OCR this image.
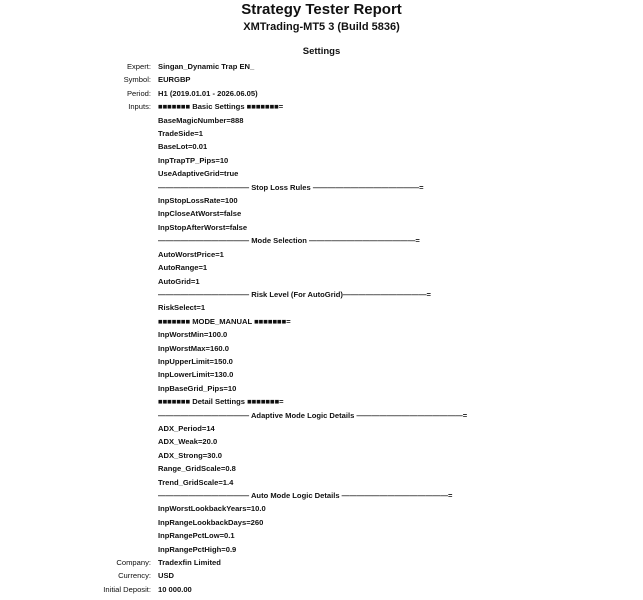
Strategy Tester Report
XMTrading-MT5 3 (Build 5836)
Settings
Expert: Singan_Dynamic Trap EN_
Symbol: EURGBP
Period: H1 (2019.01.01 - 2026.06.05)
Inputs: ■■■■■■■ Basic Settings ■■■■■■■=
BaseMagicNumber=888
TradeSide=1
BaseLot=0.01
InpTrapTP_Pips=10
UseAdaptiveGrid=true
———————————— Stop Loss Rules ——————————————=
InpStopLossRate=100
InpCloseAtWorst=false
InpStopAfterWorst=false
———————————— Mode Selection ——————————————=
AutoWorstPrice=1
AutoRange=1
AutoGrid=1
———————————— Risk Level (For AutoGrid)———————————=
RiskSelect=1
■■■■■■■ MODE_MANUAL ■■■■■■■=
InpWorstMin=100.0
InpWorstMax=160.0
InpUpperLimit=150.0
InpLowerLimit=130.0
InpBaseGrid_Pips=10
■■■■■■■ Detail Settings ■■■■■■■=
———————————— Adaptive Mode Logic Details ——————————————=
ADX_Period=14
ADX_Weak=20.0
ADX_Strong=30.0
Range_GridScale=0.8
Trend_GridScale=1.4
———————————— Auto Mode Logic Details ——————————————=
InpWorstLookbackYears=10.0
InpRangeLookbackDays=260
InpRangePctLow=0.1
InpRangePctHigh=0.9
Company: Tradexfin Limited
Currency: USD
Initial Deposit: 10 000.00
